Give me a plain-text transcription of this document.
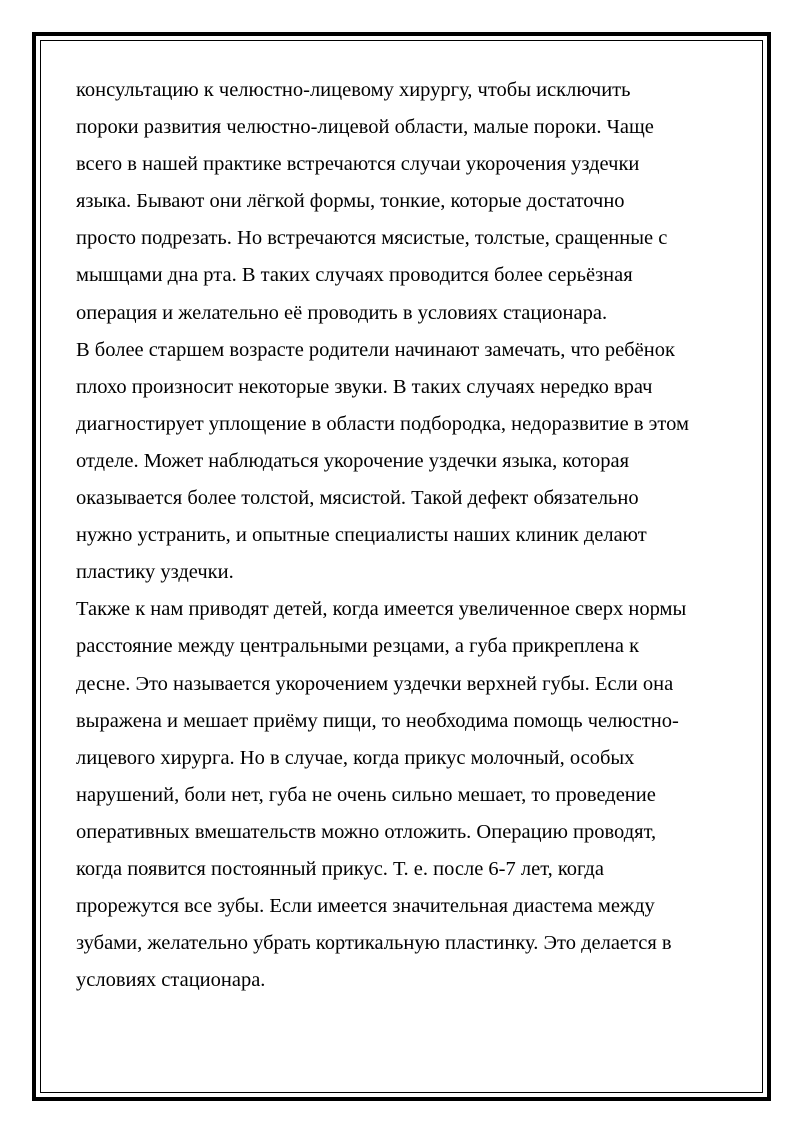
консультацию к челюстно-лицевому хирургу, чтобы исключить
пороки развития челюстно-лицевой области, малые пороки. Чаще
всего в нашей практике встречаются случаи укорочения уздечки
языка. Бывают они лёгкой формы, тонкие, которые достаточно
просто подрезать. Но встречаются мясистые, толстые, сращенные с
мышцами дна рта. В таких случаях проводится более серьёзная
операция и желательно её проводить в условиях стационара.
В более старшем возрасте родители начинают замечать, что ребёнок
плохо произносит некоторые звуки. В таких случаях нередко врач
диагностирует уплощение в области подбородка, недоразвитие в этом
отделе. Может наблюдаться укорочение уздечки языка, которая
оказывается более толстой, мясистой. Такой дефект обязательно
нужно устранить, и опытные специалисты наших клиник делают
пластику уздечки.
Также к нам приводят детей, когда имеется увеличенное сверх нормы
расстояние между центральными резцами, а губа прикреплена к
десне. Это называется укорочением уздечки верхней губы. Если она
выражена и мешает приёму пищи, то необходима помощь челюстно-
лицевого хирурга. Но в случае, когда прикус молочный, особых
нарушений, боли нет, губа не очень сильно мешает, то проведение
оперативных вмешательств можно отложить. Операцию проводят,
когда появится постоянный прикус. Т. е. после 6-7 лет, когда
прорежутся все зубы. Если имеется значительная диастема между
зубами, желательно убрать кортикальную пластинку. Это делается в
условиях стационара.
